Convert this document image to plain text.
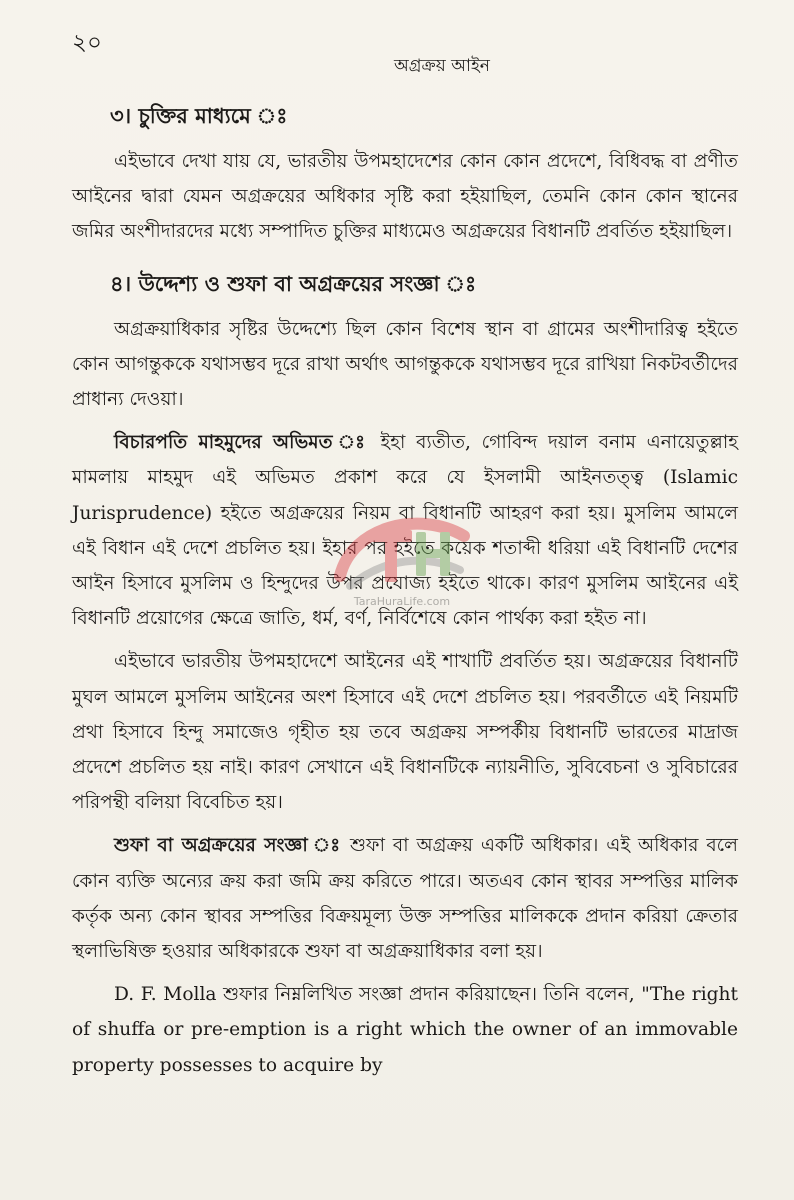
২০
অগ্রক্রয় আইন
৩। চুক্তির মাধ্যমে ঃ

এইভাবে দেখা যায় যে, ভারতীয় উপমহাদেশের কোন কোন প্রদেশে, বিধিবদ্ধ বা প্রণীত আইনের দ্বারা যেমন অগ্রক্রয়ের অধিকার সৃষ্টি করা হইয়াছিল, তেমনি কোন কোন স্থানের জমির অংশীদারদের মধ্যে সম্পাদিত চুক্তির মাধ্যমেও অগ্রক্রয়ের বিধানটি প্রবর্তিত হইয়াছিল।

৪। উদ্দেশ্য ও শুফা বা অগ্রক্রয়ের সংজ্ঞা ঃ

অগ্রক্রয়াধিকার সৃষ্টির উদ্দেশ্যে ছিল কোন বিশেষ স্থান বা গ্রামের অংশীদারিত্ব হইতে কোন আগন্তুককে যথাসম্ভব দূরে রাখা অর্থাৎ আগন্তুককে যথাসম্ভব দূরে রাখিয়া নিকটবর্তীদের প্রাধান্য দেওয়া।

বিচারপতি মাহমুদের অভিমত ঃ ইহা ব্যতীত, গোবিন্দ দয়াল বনাম এনায়েতুল্লাহ মামলায় মাহমুদ এই অভিমত প্রকাশ করে যে ইসলামী আইনতত্ত্ব (Islamic Jurisprudence) হইতে অগ্রক্রয়ের নিয়ম বা বিধানটি আহরণ করা হয়। মুসলিম আমলে এই বিধান এই দেশে প্রচলিত হয়। ইহার পর হইতে কয়েক শতাব্দী ধরিয়া এই বিধানটি দেশের আইন হিসাবে মুসলিম ও হিন্দুদের উপর প্রযোজ্য হইতে থাকে। কারণ মুসলিম আইনের এই বিধানটি প্রয়োগের ক্ষেত্রে জাতি, ধর্ম, বর্ণ, নির্বিশেষে কোন পার্থক্য করা হইত না।

এইভাবে ভারতীয় উপমহাদেশে আইনের এই শাখাটি প্রবর্তিত হয়। অগ্রক্রয়ের বিধানটি মুঘল আমলে মুসলিম আইনের অংশ হিসাবে এই দেশে প্রচলিত হয়। পরবর্তীতে এই নিয়মটি প্রথা হিসাবে হিন্দু সমাজেও গৃহীত হয় তবে অগ্রক্রয় সম্পর্কীয় বিধানটি ভারতের মাদ্রাজ প্রদেশে প্রচলিত হয় নাই। কারণ সেখানে এই বিধানটিকে ন্যায়নীতি, সুবিবেচনা ও সুবিচারের পরিপন্থী বলিয়া বিবেচিত হয়।

শুফা বা অগ্রক্রয়ের সংজ্ঞা ঃ শুফা বা অগ্রক্রয় একটি অধিকার। এই অধিকার বলে কোন ব্যক্তি অন্যের ক্রয় করা জমি ক্রয় করিতে পারে। অতএব কোন স্থাবর সম্পত্তির মালিক কর্তৃক অন্য কোন স্থাবর সম্পত্তির বিক্রয়মূল্য উক্ত সম্পত্তির মালিককে প্রদান করিয়া ক্রেতার স্থলাভিষিক্ত হওয়ার অধিকারকে শুফা বা অগ্রক্রয়াধিকার বলা হয়।

D. F. Molla শুফার নিম্নলিখিত সংজ্ঞা প্রদান করিয়াছেন। তিনি বলেন, "The right of shuffa or pre-emption is a right which the owner of an immovable property possesses to acquire by

TaraHuraLife.com
